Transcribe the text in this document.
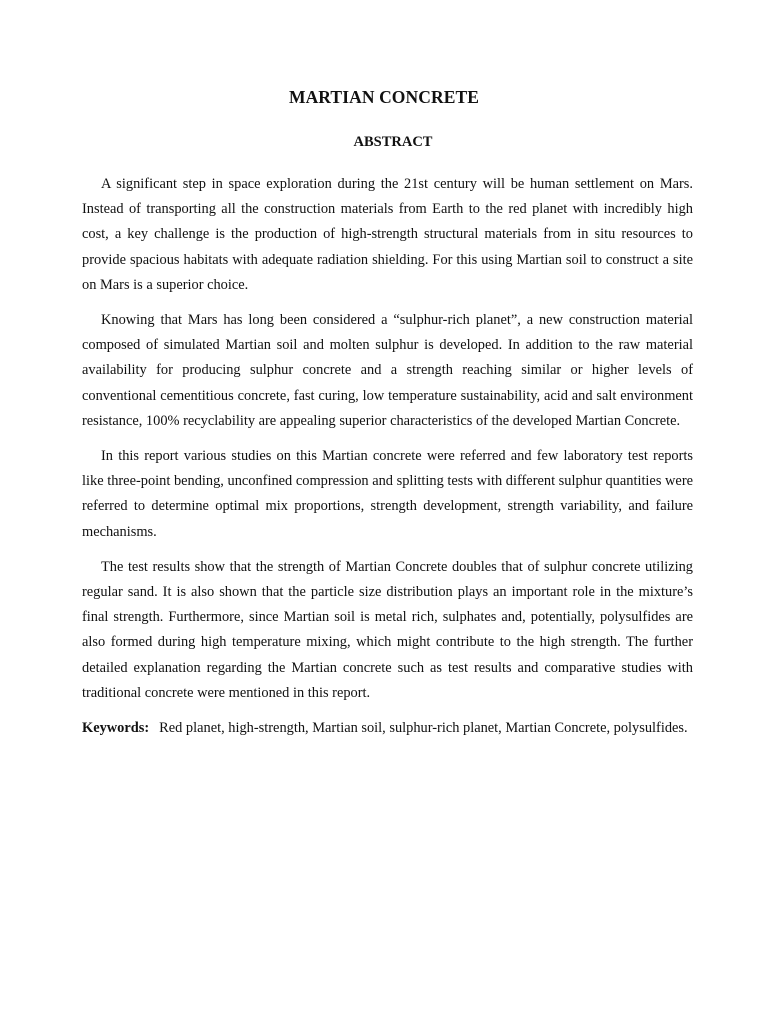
MARTIAN CONCRETE
ABSTRACT

A significant step in space exploration during the 21st century will be human settlement on Mars. Instead of transporting all the construction materials from Earth to the red planet with incredibly high cost, a key challenge is the production of high-strength structural materials from in situ resources to provide spacious habitats with adequate radiation shielding. For this using Martian soil to construct a site on Mars is a superior choice.

Knowing that Mars has long been considered a “sulphur-rich planet”, a new construction material composed of simulated Martian soil and molten sulphur is developed. In addition to the raw material availability for producing sulphur concrete and a strength reaching similar or higher levels of conventional cementitious concrete, fast curing, low temperature sustainability, acid and salt environment resistance, 100% recyclability are appealing superior characteristics of the developed Martian Concrete.

In this report various studies on this Martian concrete were referred and few laboratory test reports like three-point bending, unconfined compression and splitting tests with different sulphur quantities were referred to determine optimal mix proportions, strength development, strength variability, and failure mechanisms.

The test results show that the strength of Martian Concrete doubles that of sulphur concrete utilizing regular sand. It is also shown that the particle size distribution plays an important role in the mixture’s final strength. Furthermore, since Martian soil is metal rich, sulphates and, potentially, polysulfides are also formed during high temperature mixing, which might contribute to the high strength. The further detailed explanation regarding the Martian concrete such as test results and comparative studies with traditional concrete were mentioned in this report.

Keywords: Red planet, high-strength, Martian soil, sulphur-rich planet, Martian Concrete, polysulfides.
